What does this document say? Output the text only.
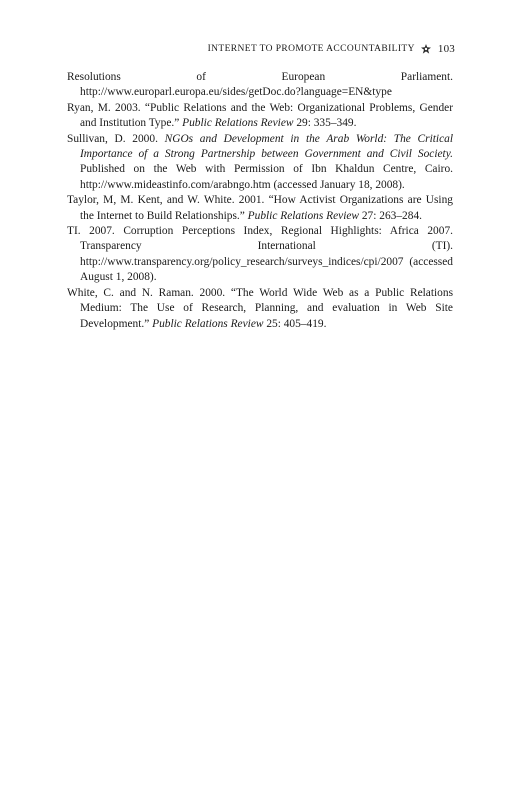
INTERNET TO PROMOTE ACCOUNTABILITY 103
Resolutions of European Parliament. http://www.europarl.europa.eu/sides/getDoc.do?language=EN&type
Ryan, M. 2003. “Public Relations and the Web: Organizational Problems, Gender and Institution Type.” Public Relations Review 29: 335–349.
Sullivan, D. 2000. NGOs and Development in the Arab World: The Critical Importance of a Strong Partnership between Government and Civil Society. Published on the Web with Permission of Ibn Khaldun Centre, Cairo. http://www.mideastinfo.com/arabngo.htm (accessed January 18, 2008).
Taylor, M, M. Kent, and W. White. 2001. “How Activist Organizations are Using the Internet to Build Relationships.” Public Relations Review 27: 263–284.
TI. 2007. Corruption Perceptions Index, Regional Highlights: Africa 2007. Transparency International (TI). http://www.transparency.org/policy_research/surveys_indices/cpi/2007 (accessed August 1, 2008).
White, C. and N. Raman. 2000. “The World Wide Web as a Public Relations Medium: The Use of Research, Planning, and evaluation in Web Site Development.” Public Relations Review 25: 405–419.
